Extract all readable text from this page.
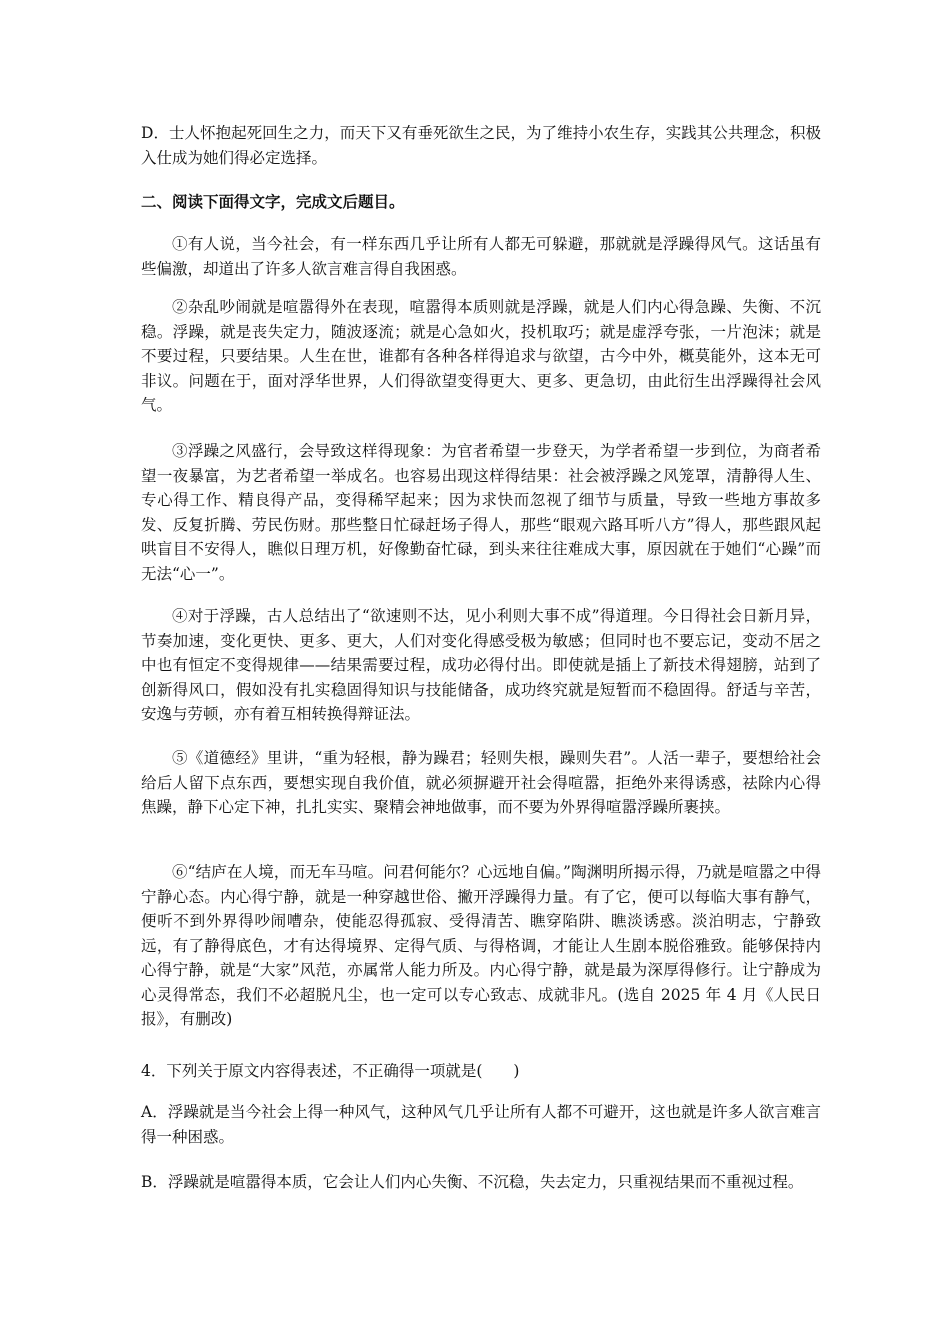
D．士人怀抱起死回生之力，而天下又有垂死欲生之民，为了维持小农生存，实践其公共理念，积极入仕成为她们得必定选择。

二、阅读下面得文字，完成文后题目。

①有人说，当今社会，有一样东西几乎让所有人都无可躲避，那就就是浮躁得风气。这话虽有些偏激，却道出了许多人欲言难言得自我困惑。

②杂乱吵闹就是喧嚣得外在表现，喧嚣得本质则就是浮躁，就是人们内心得急躁、失衡、不沉稳。浮躁，就是丧失定力，随波逐流；就是心急如火，投机取巧；就是虚浮夸张，一片泡沫；就是不要过程，只要结果。人生在世，谁都有各种各样得追求与欲望，古今中外，概莫能外，这本无可非议。问题在于，面对浮华世界，人们得欲望变得更大、更多、更急切，由此衍生出浮躁得社会风气。

③浮躁之风盛行，会导致这样得现象：为官者希望一步登天，为学者希望一步到位，为商者希望一夜暴富，为艺者希望一举成名。也容易出现这样得结果：社会被浮躁之风笼罩，清静得人生、专心得工作、精良得产品，变得稀罕起来；因为求快而忽视了细节与质量，导致一些地方事故多发、反复折腾、劳民伤财。那些整日忙碌赶场子得人，那些“眼观六路耳听八方”得人，那些跟风起哄盲目不安得人，瞧似日理万机，好像勤奋忙碌，到头来往往难成大事，原因就在于她们“心躁”而无法“心一”。

④对于浮躁，古人总结出了“欲速则不达，见小利则大事不成”得道理。今日得社会日新月异，节奏加速，变化更快、更多、更大，人们对变化得感受极为敏感；但同时也不要忘记，变动不居之中也有恒定不变得规律——结果需要过程，成功必得付出。即使就是插上了新技术得翅膀，站到了创新得风口，假如没有扎实稳固得知识与技能储备，成功终究就是短暂而不稳固得。舒适与辛苦，安逸与劳顿，亦有着互相转换得辩证法。

⑤《道德经》里讲，“重为轻根，静为躁君；轻则失根，躁则失君”。人活一辈子，要想给社会给后人留下点东西，要想实现自我价值，就必须摒避开社会得喧嚣，拒绝外来得诱惑，祛除内心得焦躁，静下心定下神，扎扎实实、聚精会神地做事，而不要为外界得喧嚣浮躁所裹挟。

⑥“结庐在人境，而无车马喧。问君何能尔？心远地自偏。”陶渊明所揭示得，乃就是喧嚣之中得宁静心态。内心得宁静，就是一种穿越世俗、撇开浮躁得力量。有了它，便可以每临大事有静气，便听不到外界得吵闹嘈杂，使能忍得孤寂、受得清苦、瞧穿陷阱、瞧淡诱惑。淡泊明志，宁静致远，有了静得底色，才有达得境界、定得气质、与得格调，才能让人生剧本脱俗雅致。能够保持内心得宁静，就是“大家”风范，亦属常人能力所及。内心得宁静，就是最为深厚得修行。让宁静成为心灵得常态，我们不必超脱凡尘，也一定可以专心致志、成就非凡。(选自 2025 年 4 月《人民日报》，有删改)

4．下列关于原文内容得表述，不正确得一项就是(　　)

A．浮躁就是当今社会上得一种风气，这种风气几乎让所有人都不可避开，这也就是许多人欲言难言得一种困惑。

B．浮躁就是喧嚣得本质，它会让人们内心失衡、不沉稳，失去定力，只重视结果而不重视过程。
